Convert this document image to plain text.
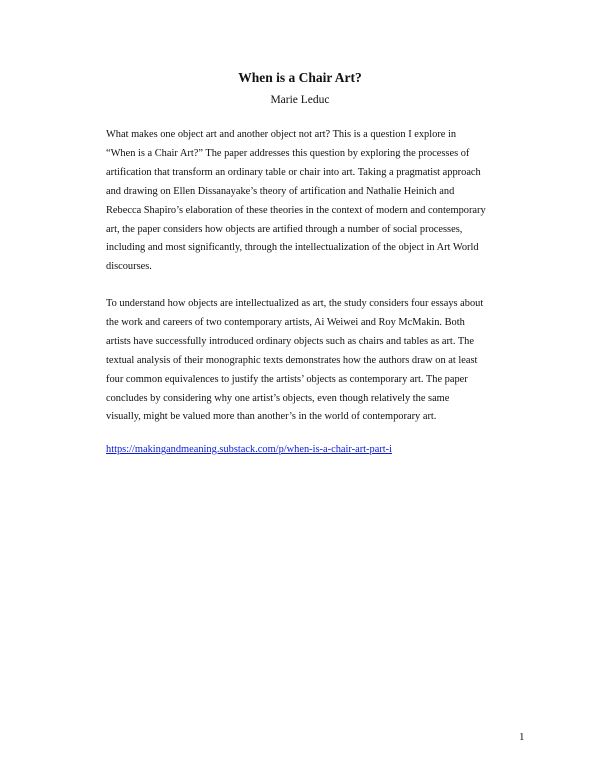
When is a Chair Art?
Marie Leduc
What makes one object art and another object not art? This is a question I explore in
“When is a Chair Art?” The paper addresses this question by exploring the processes of
artification that transform an ordinary table or chair into art. Taking a pragmatist approach
and drawing on Ellen Dissanayake’s theory of artification and Nathalie Heinich and
Rebecca Shapiro’s elaboration of these theories in the context of modern and contemporary
art, the paper considers how objects are artified through a number of social processes,
including and most significantly, through the intellectualization of the object in Art World
discourses.
To understand how objects are intellectualized as art, the study considers four essays about
the work and careers of two contemporary artists, Ai Weiwei and Roy McMakin. Both
artists have successfully introduced ordinary objects such as chairs and tables as art. The
textual analysis of their monographic texts demonstrates how the authors draw on at least
four common equivalences to justify the artists’ objects as contemporary art. The paper
concludes by considering why one artist’s objects, even though relatively the same
visually, might be valued more than another’s in the world of contemporary art.
https://makingandmeaning.substack.com/p/when-is-a-chair-art-part-i
1
